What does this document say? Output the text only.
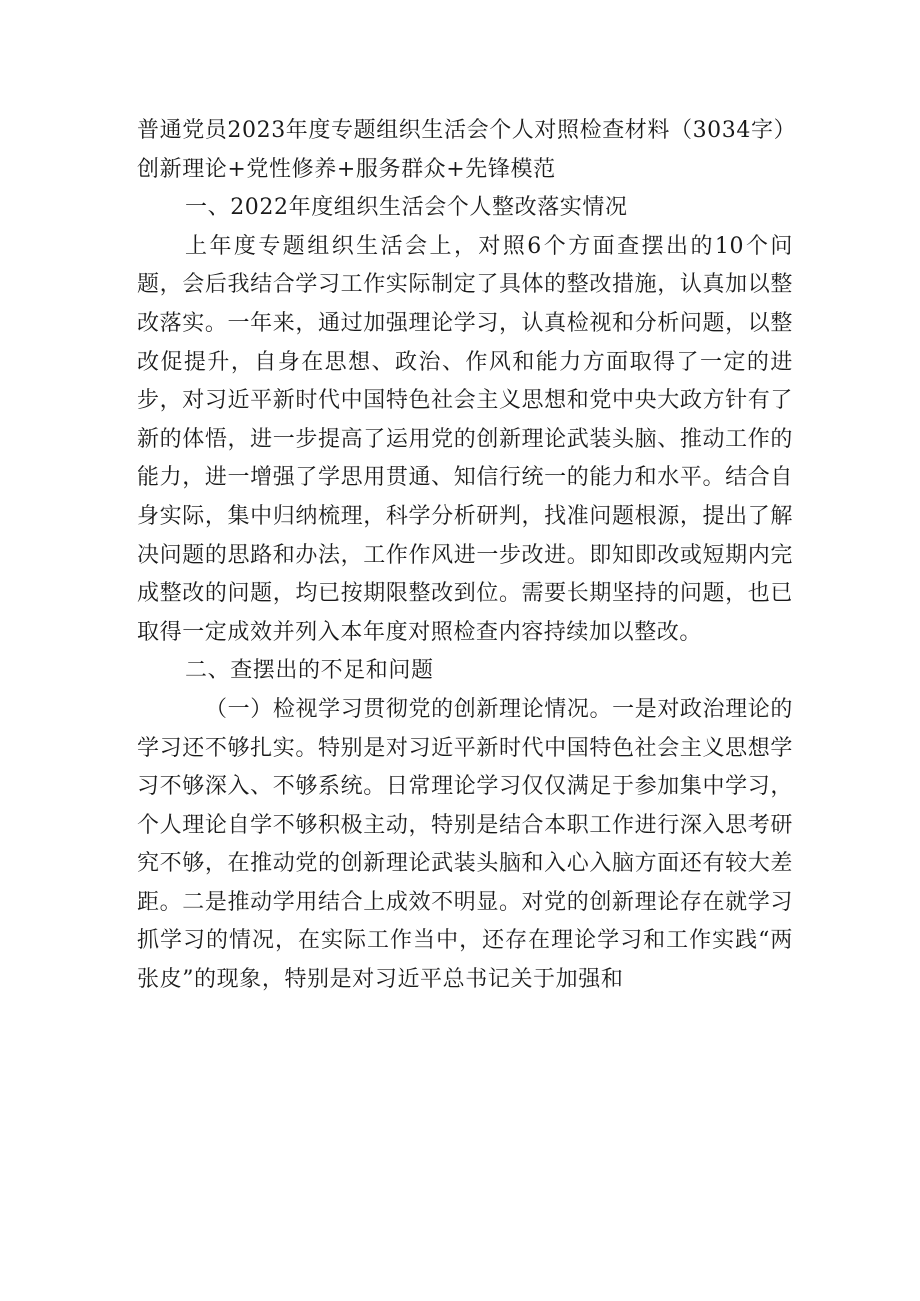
普通党员2023年度专题组织生活会个人对照检查材料（3034字）

创新理论+党性修养+服务群众+先锋模范

一、2022年度组织生活会个人整改落实情况

上年度专题组织生活会上，对照6个方面查摆出的10个问题，会后我结合学习工作实际制定了具体的整改措施，认真加以整改落实。一年来，通过加强理论学习，认真检视和分析问题，以整改促提升，自身在思想、政治、作风和能力方面取得了一定的进步，对习近平新时代中国特色社会主义思想和党中央大政方针有了新的体悟，进一步提高了运用党的创新理论武装头脑、推动工作的能力，进一增强了学思用贯通、知信行统一的能力和水平。结合自身实际，集中归纳梳理，科学分析研判，找准问题根源，提出了解决问题的思路和办法，工作作风进一步改进。即知即改或短期内完成整改的问题，均已按期限整改到位。需要长期坚持的问题，也已取得一定成效并列入本年度对照检查内容持续加以整改。

二、查摆出的不足和问题

（一）检视学习贯彻党的创新理论情况。一是对政治理论的学习还不够扎实。特别是对习近平新时代中国特色社会主义思想学习不够深入、不够系统。日常理论学习仅仅满足于参加集中学习，个人理论自学不够积极主动，特别是结合本职工作进行深入思考研究不够，在推动党的创新理论武装头脑和入心入脑方面还有较大差距。二是推动学用结合上成效不明显。对党的创新理论存在就学习抓学习的情况，在实际工作当中，还存在理论学习和工作实践“两张皮”的现象，特别是对习近平总书记关于加强和
